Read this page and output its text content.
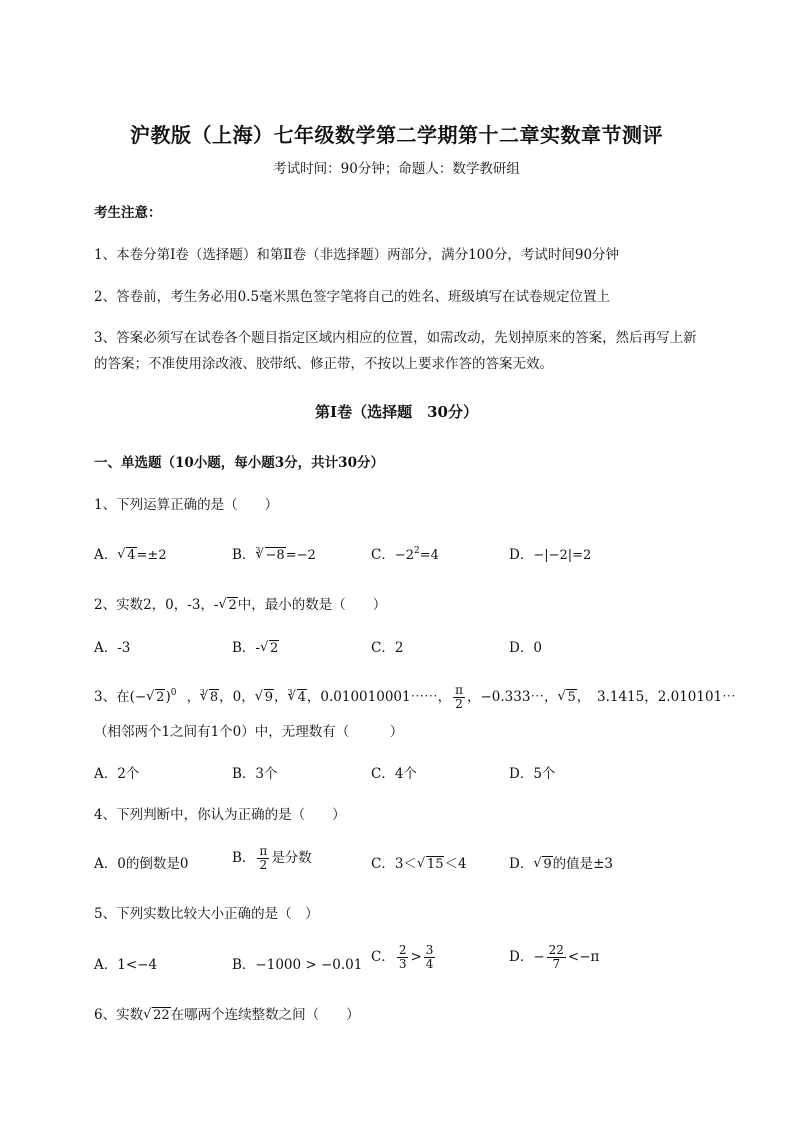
沪教版（上海）七年级数学第二学期第十二章实数章节测评
考试时间：90分钟；命题人：数学教研组
考生注意：
1、本卷分第Ⅰ卷（选择题）和第Ⅱ卷（非选择题）两部分，满分100分，考试时间90分钟
2、答卷前，考生务必用0.5毫米黑色签字笔将自己的姓名、班级填写在试卷规定位置上
3、答案必须写在试卷各个题目指定区域内相应的位置，如需改动，先划掉原来的答案，然后再写上新
的答案；不准使用涂改液、胶带纸、修正带，不按以上要求作答的答案无效。
第Ⅰ卷（选择题　30分）
一、单选题（10小题，每小题3分，共计30分）
1、下列运算正确的是（　　）
A． √ 4=±2	B．$^3$ √ −8=−2	C．$-2^2=4$	D．−|−2|=2
2、实数2，0，-3，- √ 2中，最小的数是（　　）
A．-3	B．- √ 2	C．2	D．0
3、在(− √ 2)$^0$ ，$^3$ √ 8，0， √ 9，$^3$ √ 4，0.010010001⋯⋯， $\frac{\pi}{2}$ ，−0.333⋯， √ 5，　3.1415，2.010101⋯
（相邻两个1之间有1个0）中，无理数有（　　　）
A．2个	B．3个	C．4个	D．5个
4、下列判断中，你认为正确的是（　　）
A．0的倒数是0	B． $\frac{\pi}{2}$ 是分数	C．3＜ √ 15＜4	D． √ 9的值是±3
5、下列实数比较大小正确的是（　）
A．1<−4	B．−1000 > −0.01 C． $\frac{2}{3} > \frac{3}{4}$	D．− $\frac{22}{7} <-\pi$
6、实数 √ 22在哪两个连续整数之间（　　）
